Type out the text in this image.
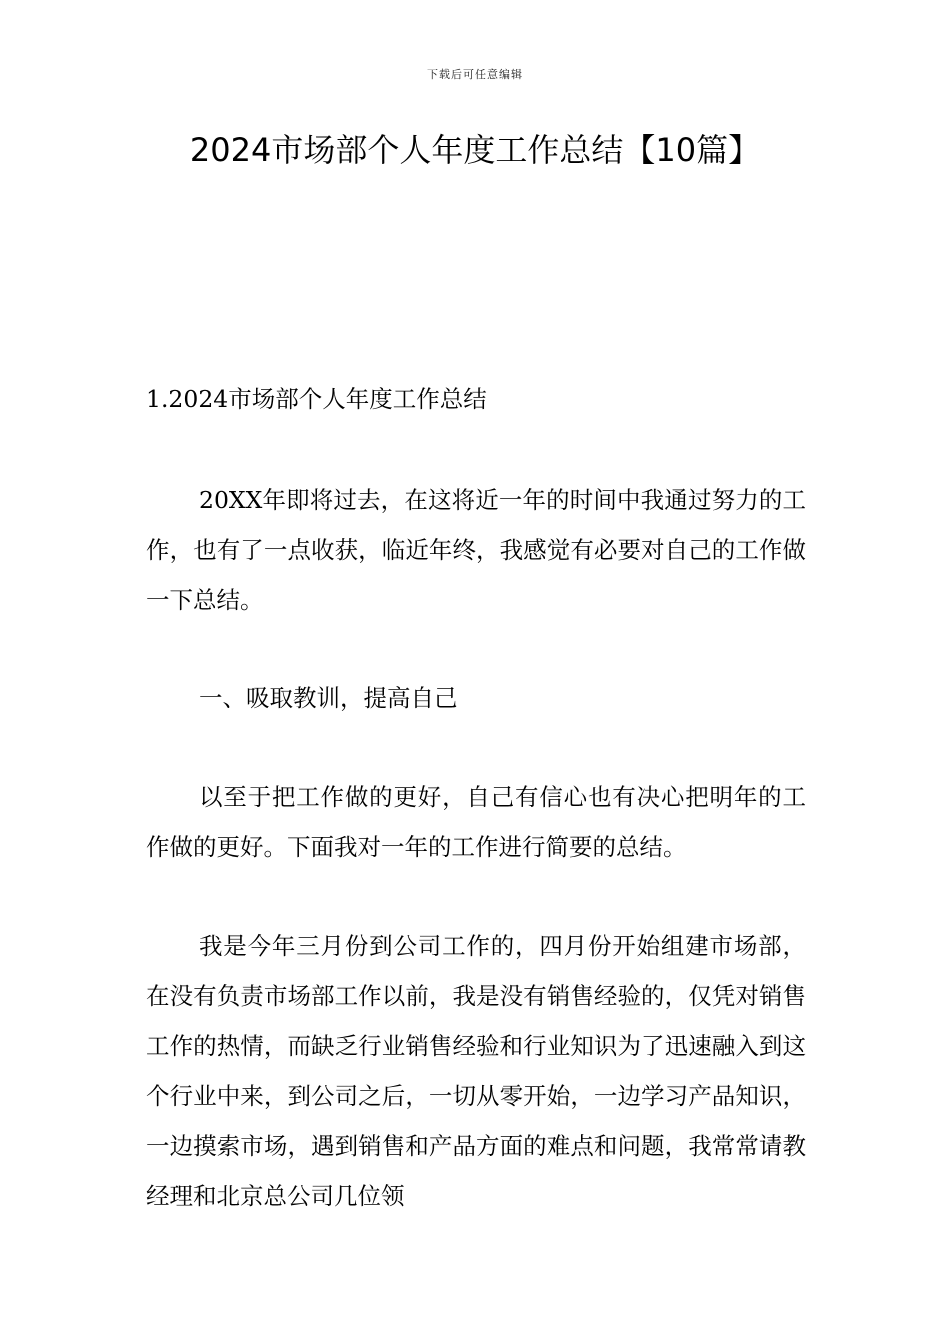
下载后可任意编辑
2024市场部个人年度工作总结【10篇】

1.2024市场部个人年度工作总结

20XX年即将过去，在这将近一年的时间中我通过努力的工作，也有了一点收获，临近年终，我感觉有必要对自己的工作做一下总结。

一、吸取教训，提高自己

以至于把工作做的更好，自己有信心也有决心把明年的工作做的更好。下面我对一年的工作进行简要的总结。

我是今年三月份到公司工作的，四月份开始组建市场部，在没有负责市场部工作以前，我是没有销售经验的，仅凭对销售工作的热情，而缺乏行业销售经验和行业知识为了迅速融入到这个行业中来，到公司之后，一切从零开始，一边学习产品知识，一边摸索市场，遇到销售和产品方面的难点和问题，我常常请教经理和北京总公司几位领
